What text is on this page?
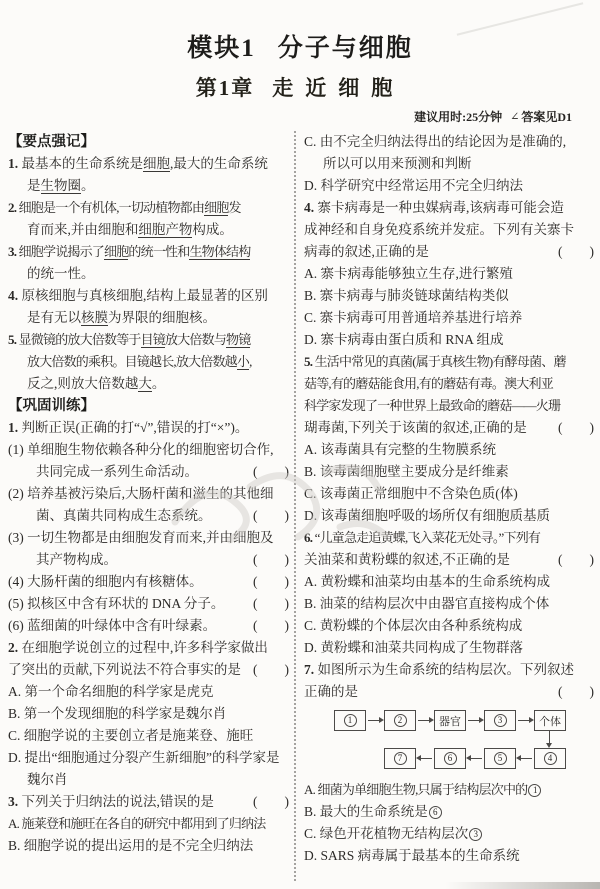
模块1 分子与细胞
第1章 走近细胞
建议用时:25分钟 ∠ 答案见D1
【要点强记】
1. 最基本的生命系统是细胞,最大的生命系统
是生物圈。
2. 细胞是一个有机体,一切动植物都由细胞发
育而来,并由细胞和细胞产物构成。
3. 细胞学说揭示了细胞的统一性和生物体结构
的统一性。
4. 原核细胞与真核细胞,结构上最显著的区别
是有无以核膜为界限的细胞核。
5. 显微镜的放大倍数等于目镜放大倍数与物镜
放大倍数的乘积。目镜越长,放大倍数越小,
反之,则放大倍数越大。
【巩固训练】
1. 判断正误(正确的打“√”,错误的打“×”)。
(1) 单细胞生物依赖各种分化的细胞密切合作,
共同完成一系列生命活动。	(　　)
(2) 培养基被污染后,大肠杆菌和滋生的其他细
菌、真菌共同构成生态系统。	(　　)
(3) 一切生物都是由细胞发育而来,并由细胞及
其产物构成。	(　　)
(4) 大肠杆菌的细胞内有核糖体。	(　　)
(5) 拟核区中含有环状的 DNA 分子。 (　　)
(6) 蓝细菌的叶绿体中含有叶绿素。	(　　)
2. 在细胞学说创立的过程中,许多科学家做出
了突出的贡献,下列说法不符合事实的是 (　　)
A. 第一个命名细胞的科学家是虎克
B. 第一个发现细胞的科学家是魏尔肖
C. 细胞学说的主要创立者是施莱登、施旺
D. 提出“细胞通过分裂产生新细胞”的科学家是
魏尔肖
3. 下列关于归纳法的说法,错误的是	(　　)
A. 施莱登和施旺在各自的研究中都用到了归纳法
B. 细胞学说的提出运用的是不完全归纳法
C. 由不完全归纳法得出的结论因为是准确的,
所以可以用来预测和判断
D. 科学研究中经常运用不完全归纳法
4. 寨卡病毒是一种虫媒病毒,该病毒可能会造
成神经和自身免疫系统并发症。下列有关寨卡
病毒的叙述,正确的是	(　　)
A. 寨卡病毒能够独立生存,进行繁殖
B. 寨卡病毒与肺炎链球菌结构类似
C. 寨卡病毒可用普通培养基进行培养
D. 寨卡病毒由蛋白质和 RNA 组成
5. 生活中常见的真菌(属于真核生物)有酵母菌、蘑
菇等,有的蘑菇能食用,有的蘑菇有毒。澳大利亚
科学家发现了一种世界上最致命的蘑菇——火珊
瑚毒菌,下列关于该菌的叙述,正确的是 (　　)
A. 该毒菌具有完整的生物膜系统
B. 该毒菌细胞壁主要成分是纤维素
C. 该毒菌正常细胞中不含染色质(体)
D. 该毒菌细胞呼吸的场所仅有细胞质基质
6. “儿童急走追黄蝶,飞入菜花无处寻。”下列有
关油菜和黄粉蝶的叙述,不正确的是	(　　)
A. 黄粉蝶和油菜均由基本的生命系统构成
B. 油菜的结构层次中由器官直接构成个体
C. 黄粉蝶的个体层次由各种系统构成
D. 黄粉蝶和油菜共同构成了生物群落
7. 如图所示为生命系统的结构层次。下列叙述
正确的是	(　　)
1	2	器官	3	个体
7	6	5	4
A. 细菌为单细胞生物,只属于结构层次中的 1
B. 最大的生命系统是 6
C. 绿色开花植物无结构层次 3
D. SARS 病毒属于最基本的生命系统
